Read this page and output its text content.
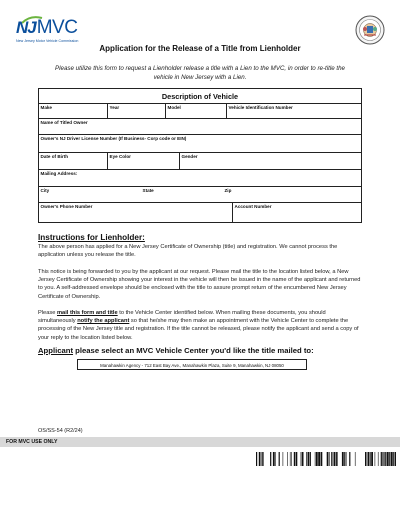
NJ MVC
New Jersey Motor Vehicle Commission
Application for the Release of a Title from Lienholder
Please utilize this form to request a Lienholder release a title with a Lien to the MVC, in order to re-title the
vehicle in New Jersey with a Lien.
Description of Vehicle
Make	Year	Model	Vehicle Identification Number
Name of Titled Owner
Owner's NJ Driver License Number (If Business- Corp code or EIN)
Date of Birth	Eye Color	Gender
Mailing Address:
City	State	Zip
Owner's Phone Number	Account Number
Instructions for Lienholder:
The above person has applied for a New Jersey Certificate of Ownership (title) and registration. We cannot process the application unless you release the title.
This notice is being forwarded to you by the applicant at our request. Please mail the title to the location listed below, a New Jersey Certificate of Ownership showing your interest in the vehicle will then be issued in the name of the applicant and returned to you. A self-addressed envelope should be enclosed with the title to assure prompt return of the encumbered New Jersey Certificate of Ownership.
Please mail this form and title to the Vehicle Center identified below. When mailing these documents, you should simultaneously notify the applicant so that he/she may then make an appointment with the Vehicle Center to complete the processing of the New Jersey title and registration. If the title cannot be released, please notify the applicant and send a copy of your reply to the location listed below.
Applicant please select an MVC Vehicle Center you'd like the title mailed to:
Manahawkin Agency - 712 East Bay Ave., Manahawkin Plaza, Suite 9, Manahawkin, NJ 08050
OS/SS-54 (R2/24)
FOR MVC USE ONLY
